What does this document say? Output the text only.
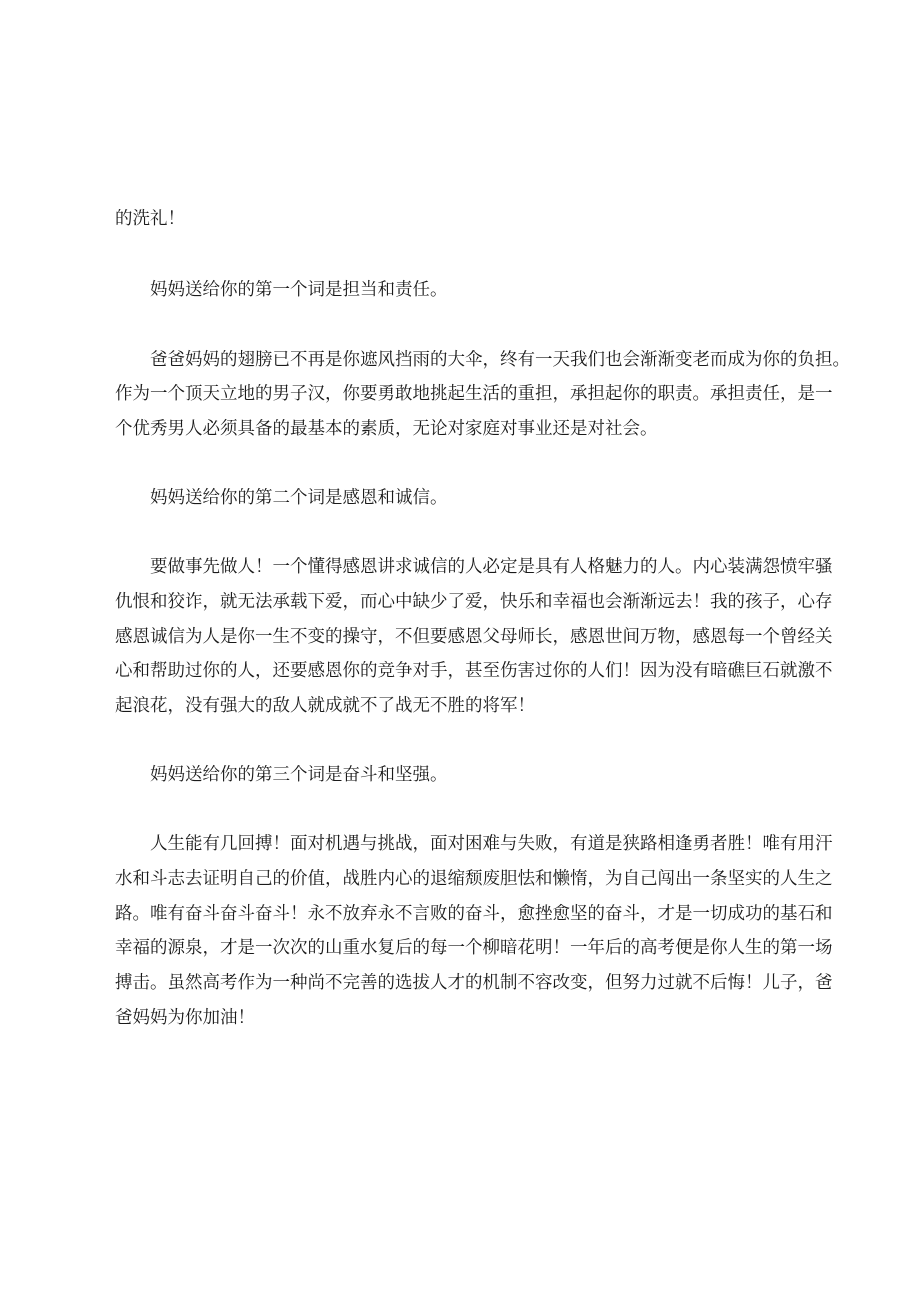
的洗礼！

妈妈送给你的第一个词是担当和责任。

爸爸妈妈的翅膀已不再是你遮风挡雨的大伞，终有一天我们也会渐渐变老而成为你的负担。

作为一个顶天立地的男子汉，你要勇敢地挑起生活的重担，承担起你的职责。承担责任，是一

个优秀男人必须具备的最基本的素质，无论对家庭对事业还是对社会。

妈妈送给你的第二个词是感恩和诚信。

要做事先做人！一个懂得感恩讲求诚信的人必定是具有人格魅力的人。内心装满怨愤牢骚

仇恨和狡诈，就无法承载下爱，而心中缺少了爱，快乐和幸福也会渐渐远去！我的孩子，心存

感恩诚信为人是你一生不变的操守，不但要感恩父母师长，感恩世间万物，感恩每一个曾经关

心和帮助过你的人，还要感恩你的竞争对手，甚至伤害过你的人们！因为没有暗礁巨石就激不

起浪花，没有强大的敌人就成就不了战无不胜的将军！

妈妈送给你的第三个词是奋斗和坚强。

人生能有几回搏！面对机遇与挑战，面对困难与失败，有道是狭路相逢勇者胜！唯有用汗

水和斗志去证明自己的价值，战胜内心的退缩颓废胆怯和懒惰，为自己闯出一条坚实的人生之

路。唯有奋斗奋斗奋斗！永不放弃永不言败的奋斗，愈挫愈坚的奋斗，才是一切成功的基石和

幸福的源泉，才是一次次的山重水复后的每一个柳暗花明！一年后的高考便是你人生的第一场

搏击。虽然高考作为一种尚不完善的选拔人才的机制不容改变，但努力过就不后悔！儿子，爸

爸妈妈为你加油！
